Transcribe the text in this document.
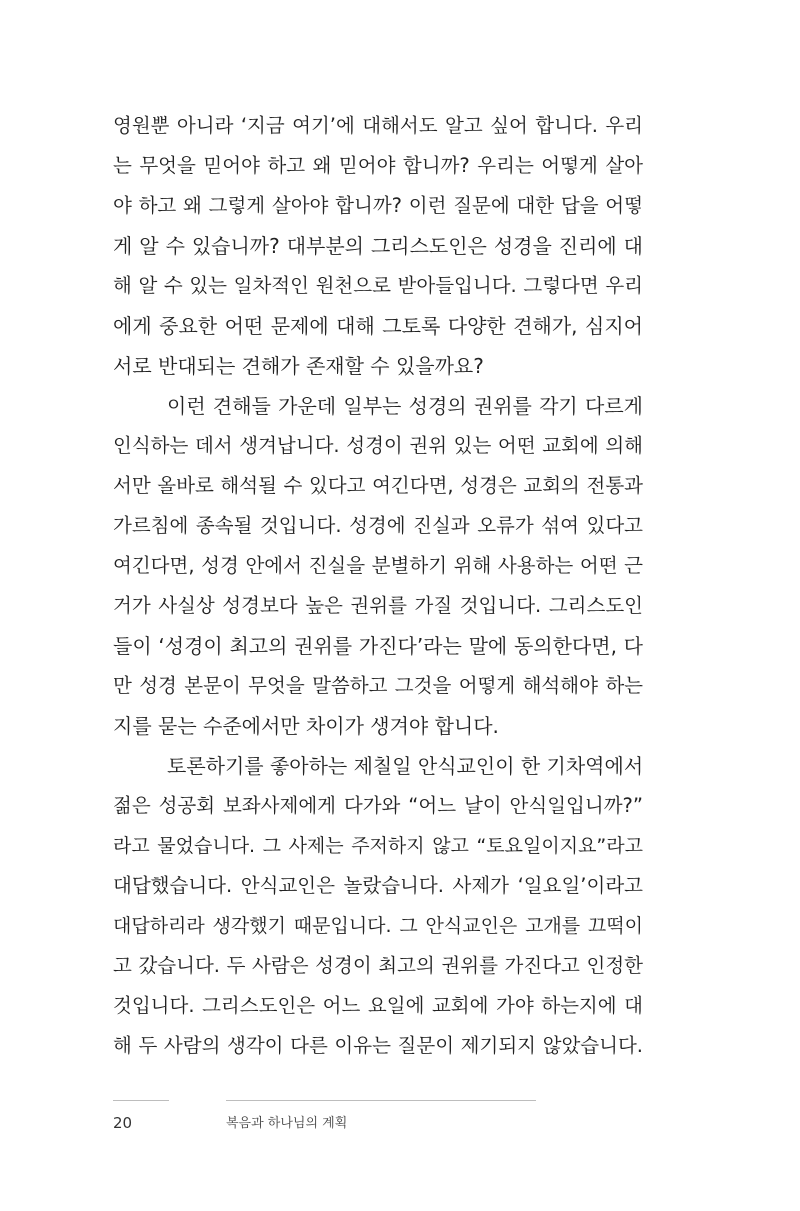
영원뿐 아니라 ‘지금 여기’에 대해서도 알고 싶어 합니다. 우리
는 무엇을 믿어야 하고 왜 믿어야 합니까? 우리는 어떻게 살아
야 하고 왜 그렇게 살아야 합니까? 이런 질문에 대한 답을 어떻
게 알 수 있습니까? 대부분의 그리스도인은 성경을 진리에 대
해 알 수 있는 일차적인 원천으로 받아들입니다. 그렇다면 우리
에게 중요한 어떤 문제에 대해 그토록 다양한 견해가, 심지어
서로 반대되는 견해가 존재할 수 있을까요?
이런 견해들 가운데 일부는 성경의 권위를 각기 다르게
인식하는 데서 생겨납니다. 성경이 권위 있는 어떤 교회에 의해
서만 올바로 해석될 수 있다고 여긴다면, 성경은 교회의 전통과
가르침에 종속될 것입니다. 성경에 진실과 오류가 섞여 있다고
여긴다면, 성경 안에서 진실을 분별하기 위해 사용하는 어떤 근
거가 사실상 성경보다 높은 권위를 가질 것입니다. 그리스도인
들이 ‘성경이 최고의 권위를 가진다’라는 말에 동의한다면, 다
만 성경 본문이 무엇을 말씀하고 그것을 어떻게 해석해야 하는
지를 묻는 수준에서만 차이가 생겨야 합니다.
토론하기를 좋아하는 제칠일 안식교인이 한 기차역에서
젊은 성공회 보좌사제에게 다가와 “어느 날이 안식일입니까?”
라고 물었습니다. 그 사제는 주저하지 않고 “토요일이지요”라고
대답했습니다. 안식교인은 놀랐습니다. 사제가 ‘일요일’이라고
대답하리라 생각했기 때문입니다. 그 안식교인은 고개를 끄떡이
고 갔습니다. 두 사람은 성경이 최고의 권위를 가진다고 인정한
것입니다. 그리스도인은 어느 요일에 교회에 가야 하는지에 대
해 두 사람의 생각이 다른 이유는 질문이 제기되지 않았습니다.
20	복음과 하나님의 계획
